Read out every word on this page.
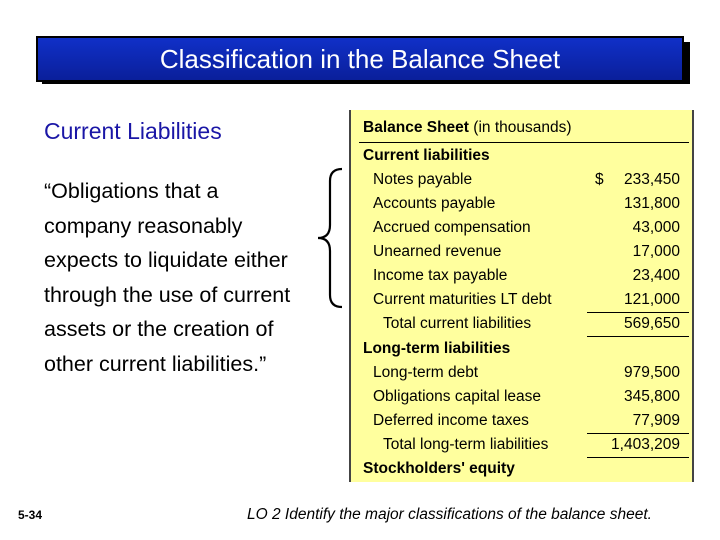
Classification in the Balance Sheet
Current Liabilities
“Obligations that a
company reasonably
expects to liquidate either
through the use of current
assets or the creation of
other current liabilities.”
Balance Sheet (in thousands)
Current liabilities
Notes payable	$ 233,450
Accounts payable	131,800
Accrued compensation	43,000
Unearned revenue	17,000
Income tax payable	23,400
Current maturities LT debt	121,000
Total current liabilities	569,650
Long-term liabilities
Long-term debt	979,500
Obligations capital lease	345,800
Deferred income taxes	77,909
Total long-term liabilities	1,403,209
Stockholders' equity
5-34	LO 2 Identify the major classifications of the balance sheet.
